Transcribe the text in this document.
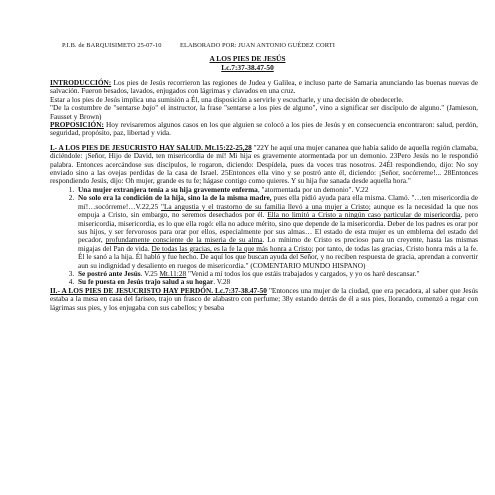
P.I.B. de BARQUISIMETO 25-07-10	ELABORADO POR: JUAN ANTONIO GUÉDEZ CORTI
A LOS PIES DE JESÚS
Lc.7:37-38.47-50

INTRODUCCIÓN: Los pies de Jesús recorrieron las regiones de Judea y Galilea, e incluso parte de Samaria anunciando las buenas nuevas de salvación. Fueron besados, lavados, enjugados con lágrimas y clavados en una cruz.

Estar a los pies de Jesús implica una sumisión a Él, una disposición a servirle y escucharle, y una decisión de obedecerle.

"De la costumbre de "sentarse bajo" el instructor, la frase "sentarse a los pies de alguno", vino a significar ser discípulo de alguno." (Jamieson, Fausset y Brown)

PROPOSICIÓN: Hoy revisaremos algunos casos en los que alguien se colocó a los pies de Jesús y en consecuencia encontraron: salud, perdón, seguridad, propósito, paz, libertad y vida.

I.- A LOS PIES DE JESUCRISTO HAY SALUD. Mt.15:22-25,28 "22Y he aquí una mujer cananea que había salido de aquella región clamaba, diciéndole: ¡Señor, Hijo de David, ten misericordia de mí! Mi hija es gravemente atormentada por un demonio. 23Pero Jesús no le respondió palabra. Entonces acercándose sus discípulos, le rogaron, diciendo: Despídela, pues da voces tras nosotros. 24Él respondiendo, dijo: No soy enviado sino a las ovejas perdidas de la casa de Israel. 25Entonces ella vino y se postró ante él, diciendo: ¡Señor, socórreme!... 28Entonces respondiendo Jesús, dijo: Oh mujer, grande es tu fe; hágase contigo como quieres. Y su hija fue sanada desde aquella hora."

1. Una mujer extranjera tenía a su hija gravemente enferma, "atormentada por un demonio". V.22
2. No solo era la condición de la hija, sino la de la misma madre, pues ella pidió ayuda para ella misma. Clamó. "…ten misericordia de mí!…socórreme!…V.22,25 "La angustia y el trastorno de su familia llevó a una mujer a Cristo; aunque es la necesidad la que nos empuja a Cristo, sin embargo, no seremos desechados por él. Ella no limitó a Cristo a ningún caso particular de misericordia, pero misericordia, misericordia, es lo que ella rogó: ella no aduce mérito, sino que depende de la misericordia. Deber de los padres es orar por sus hijos, y ser fervorosos para orar por ellos, especialmente por sus almas… El estado de esta mujer es un emblema del estado del pecador, profundamente consciente de la miseria de su alma. Lo mínimo de Cristo es precioso para un creyente, hasta las mismas migajas del Pan de vida. De todas las gracias, es la fe la que más honra a Cristo; por tanto, de todas las gracias, Cristo honra más a la fe. Él le sanó a la hija. Él habló y fue hecho. De aquí los que buscan ayuda del Señor, y no reciben respuesta de gracia, aprendan a convertir aun su indignidad y desaliento en ruegos de misericordia." (COMENTARIO MUNDO HISPANO)
3. Se postró ante Jesús. V.25 Mt.11:28 "Venid a mí todos los que estáis trabajados y cargados, y yo os haré descansar."
4. Su fe puesta en Jesús trajo salud a su hogar. V.28

II.- A LOS PIES DE JESUCRISTO HAY PERDÓN. Lc.7:37-38.47-50 "Entonces una mujer de la ciudad, que era pecadora, al saber que Jesús estaba a la mesa en casa del fariseo, trajo un frasco de alabastro con perfume; 38y estando detrás de él a sus pies, llorando, comenzó a regar con lágrimas sus pies, y los enjugaba con sus cabellos; y besaba
